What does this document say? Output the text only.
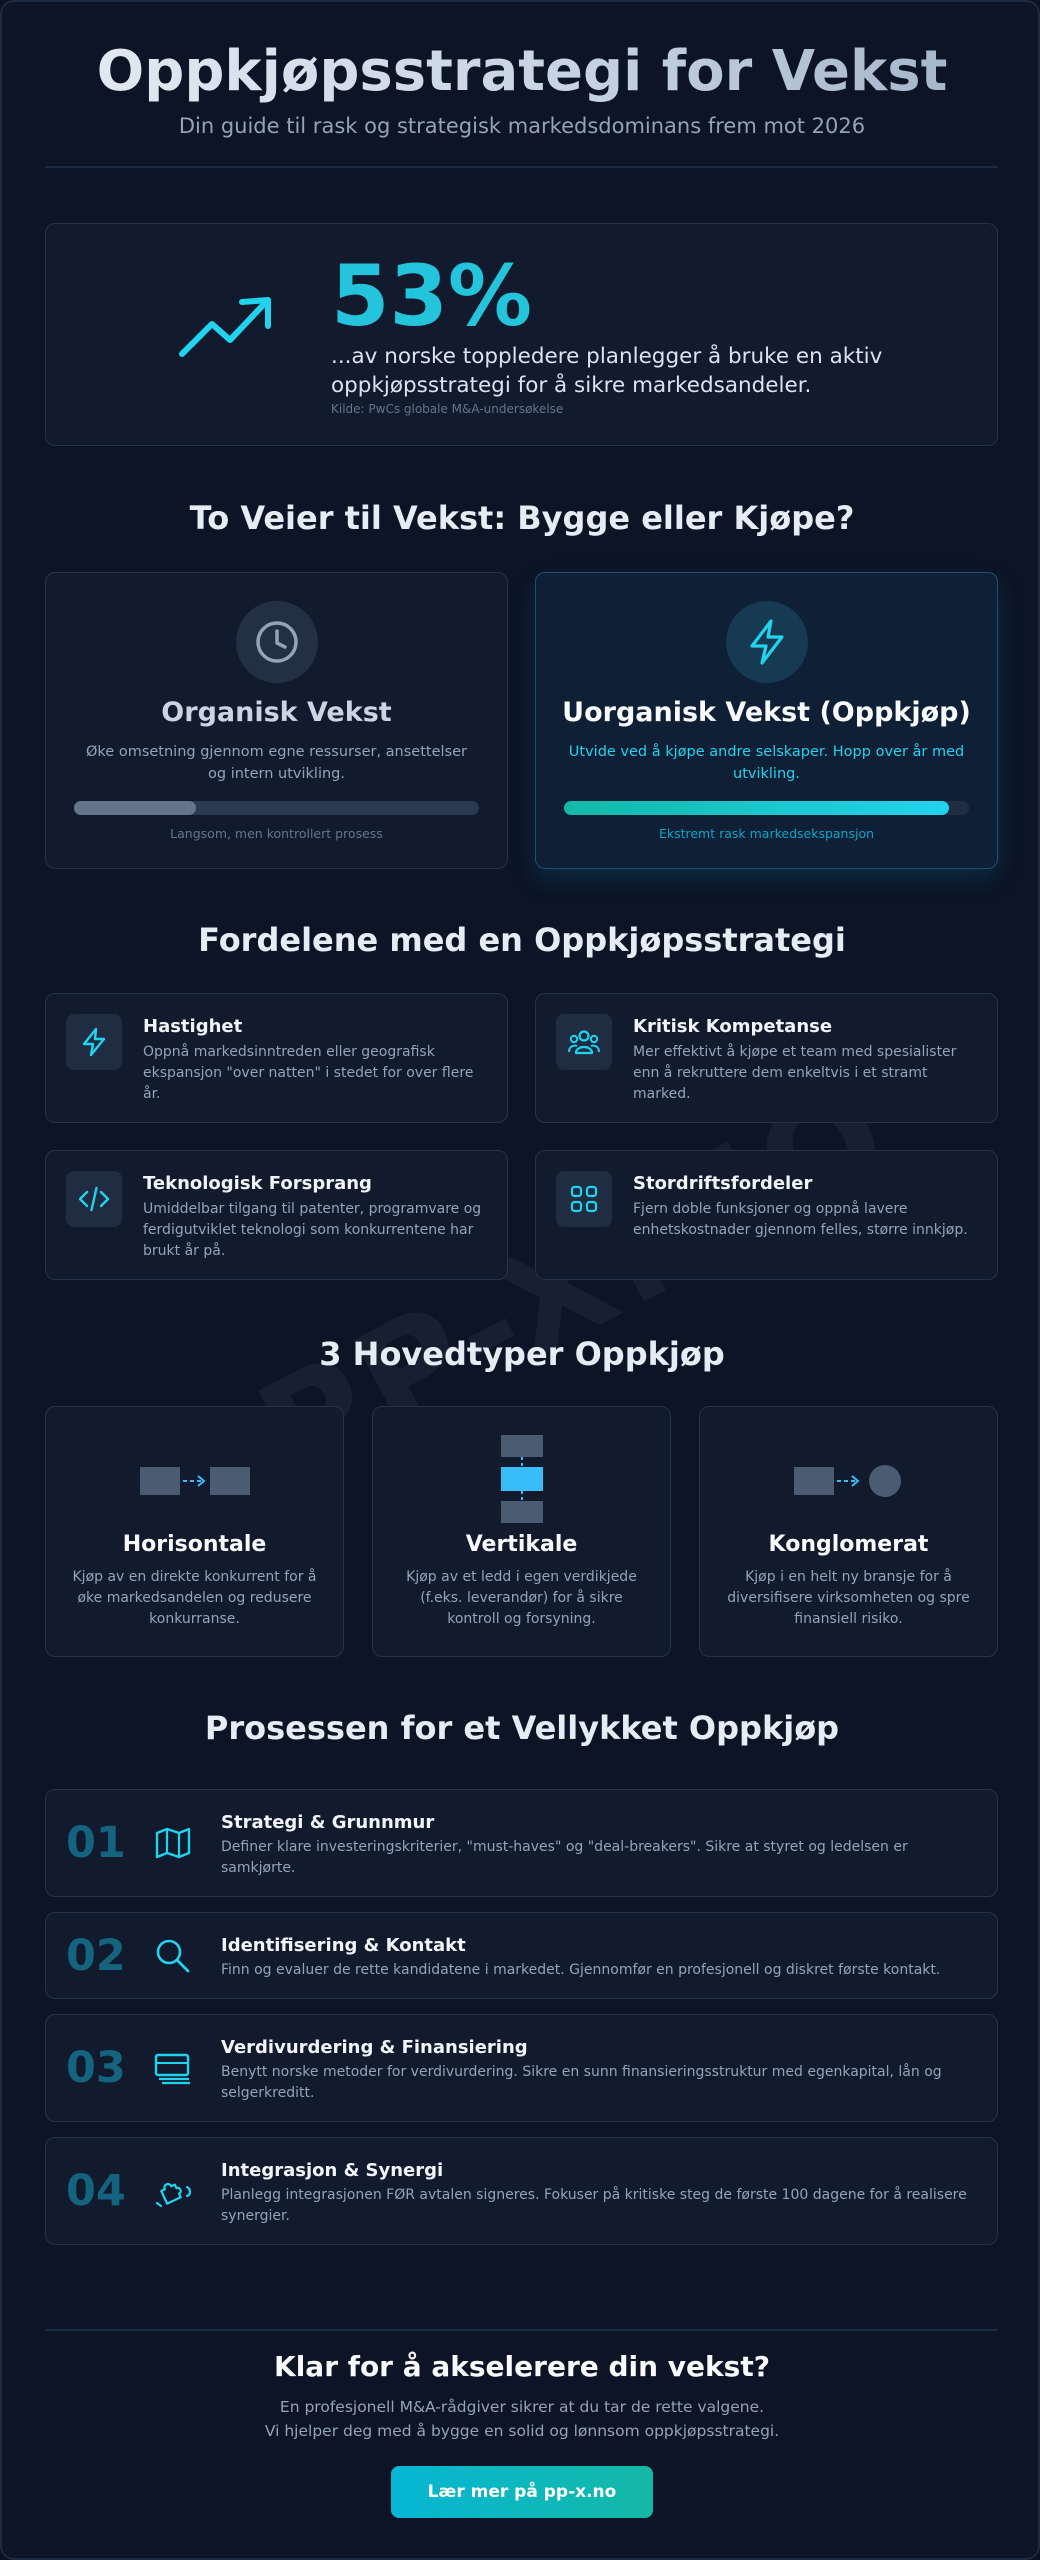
Oppkjøpsstrategi for Vekst
Din guide til rask og strategisk markedsdominans frem mot 2026
53%
...av norske toppledere planlegger å bruke en aktiv oppkjøpsstrategi for å sikre markedsandeler.
Kilde: PwCs globale M&A-undersøkelse
To Veier til Vekst: Bygge eller Kjøpe?
Organisk Vekst
Øke omsetning gjennom egne ressurser, ansettelser og intern utvikling.
Langsom, men kontrollert prosess
Uorganisk Vekst (Oppkjøp)
Utvide ved å kjøpe andre selskaper. Hopp over år med utvikling.
Ekstremt rask markedsekspansjon
Fordelene med en Oppkjøpsstrategi
Hastighet
Oppnå markedsinntreden eller geografisk ekspansjon "over natten" i stedet for over flere år.
Kritisk Kompetanse
Mer effektivt å kjøpe et team med spesialister enn å rekruttere dem enkeltvis i et stramt marked.
Teknologisk Forsprang
Umiddelbar tilgang til patenter, programvare og ferdigutviklet teknologi som konkurrentene har brukt år på.
Stordriftsfordeler
Fjern doble funksjoner og oppnå lavere enhetskostnader gjennom felles, større innkjøp.
3 Hovedtyper Oppkjøp
Horisontale
Kjøp av en direkte konkurrent for å øke markedsandelen og redusere konkurranse.
Vertikale
Kjøp av et ledd i egen verdikjede (f.eks. leverandør) for å sikre kontroll og forsyning.
Konglomerat
Kjøp i en helt ny bransje for å diversifisere virksomheten og spre finansiell risiko.
Prosessen for et Vellykket Oppkjøp
01	Strategi & Grunnmur
Definer klare investeringskriterier, "must-haves" og "deal-breakers". Sikre at styret og ledelsen er samkjørte.
02	Identifisering & Kontakt
Finn og evaluer de rette kandidatene i markedet. Gjennomfør en profesjonell og diskret første kontakt.
03	Verdivurdering & Finansiering
Benytt norske metoder for verdivurdering. Sikre en sunn finansieringsstruktur med egenkapital, lån og selgerkreditt.
04	Integrasjon & Synergi
Planlegg integrasjonen FØR avtalen signeres. Fokuser på kritiske steg de første 100 dagene for å realisere synergier.
Klar for å akselerere din vekst?
En profesjonell M&A-rådgiver sikrer at du tar de rette valgene.
Vi hjelper deg med å bygge en solid og lønnsom oppkjøpsstrategi.
Lær mer på pp-x.no
